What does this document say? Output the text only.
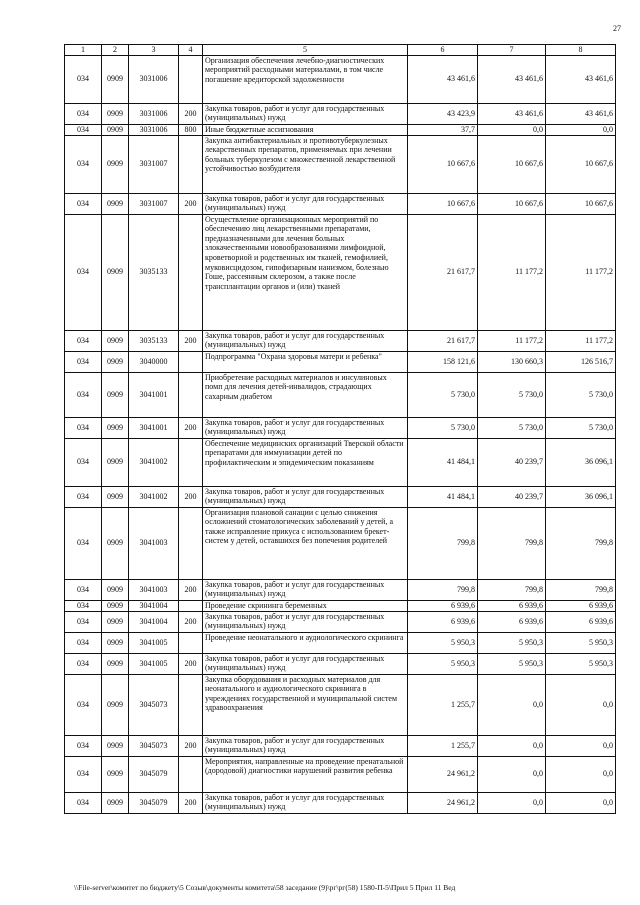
27
1	2	3	4	5	6	7	8
034	0909	3031006		Организация обеспечения лечебно-диагностических мероприятий расходными материалами, в том числе погашение кредиторской задолженности	43 461,6	43 461,6	43 461,6
034	0909	3031006	200	Закупка товаров, работ и услуг для государственных (муниципальных) нужд	43 423,9	43 461,6	43 461,6
034	0909	3031006	800	Иные бюджетные ассигнования	37,7	0,0	0,0
034	0909	3031007		Закупка антибактериальных и противотуберкулезных лекарственных препаратов, применяемых при лечении больных туберкулезом с множественной лекарственной устойчивостью возбудителя	10 667,6	10 667,6	10 667,6
034	0909	3031007	200	Закупка товаров, работ и услуг для государственных (муниципальных) нужд	10 667,6	10 667,6	10 667,6
034	0909	3035133		Осуществление организационных мероприятий по обеспечению лиц лекарственными препаратами, предназначенными для лечения больных злокачественными новообразованиями лимфоидной, кроветворной и родственных им тканей, гемофилией, муковисцидозом, гипофизарным нанизмом, болезнью Гоше, рассеянным склерозом, а также после трансплантации органов и (или) тканей	21 617,7	11 177,2	11 177,2
034	0909	3035133	200	Закупка товаров, работ и услуг для государственных (муниципальных) нужд	21 617,7	11 177,2	11 177,2
034	0909	3040000		Подпрограмма "Охрана здоровья матери и ребенка"	158 121,6	130 660,3	126 516,7
034	0909	3041001		Приобретение расходных материалов и инсулиновых помп для лечения детей-инвалидов, страдающих сахарным диабетом	5 730,0	5 730,0	5 730,0
034	0909	3041001	200	Закупка товаров, работ и услуг для государственных (муниципальных) нужд	5 730,0	5 730,0	5 730,0
034	0909	3041002		Обеспечение медицинских организаций Тверской области препаратами для иммунизации детей по профилактическим и эпидемическим показаниям	41 484,1	40 239,7	36 096,1
034	0909	3041002	200	Закупка товаров, работ и услуг для государственных (муниципальных) нужд	41 484,1	40 239,7	36 096,1
034	0909	3041003		Организация плановой санации с целью снижения осложнений стоматологических заболеваний у детей, а также исправление прикуса с использованием брекет-систем у детей, оставшихся без попечения родителей	799,8	799,8	799,8
034	0909	3041003	200	Закупка товаров, работ и услуг для государственных (муниципальных) нужд	799,8	799,8	799,8
034	0909	3041004		Проведение скрининга беременных	6 939,6	6 939,6	6 939,6
034	0909	3041004	200	Закупка товаров, работ и услуг для государственных (муниципальных) нужд	6 939,6	6 939,6	6 939,6
034	0909	3041005		Проведение неонатального и аудиологического скрининга	5 950,3	5 950,3	5 950,3
034	0909	3041005	200	Закупка товаров, работ и услуг для государственных (муниципальных) нужд	5 950,3	5 950,3	5 950,3
034	0909	3045073		Закупка оборудования и расходных материалов для неонатального и аудиологического скрининга в учреждениях государственной и муниципальной систем здравоохранения	1 255,7	0,0	0,0
034	0909	3045073	200	Закупка товаров, работ и услуг для государственных (муниципальных) нужд	1 255,7	0,0	0,0
034	0909	3045079		Мероприятия, направленные на проведение пренатальной (дородовой) диагностики нарушений развития ребенка	24 961,2	0,0	0,0
034	0909	3045079	200	Закупка товаров, работ и услуг для государственных (муниципальных) нужд	24 961,2	0,0	0,0
\\File-server\комитет по бюджету\5 Созыв\документы комитета\58 заседание (9)\рг\рг(58) 1580-П-5\Прил 5 Прил 11 Вед
